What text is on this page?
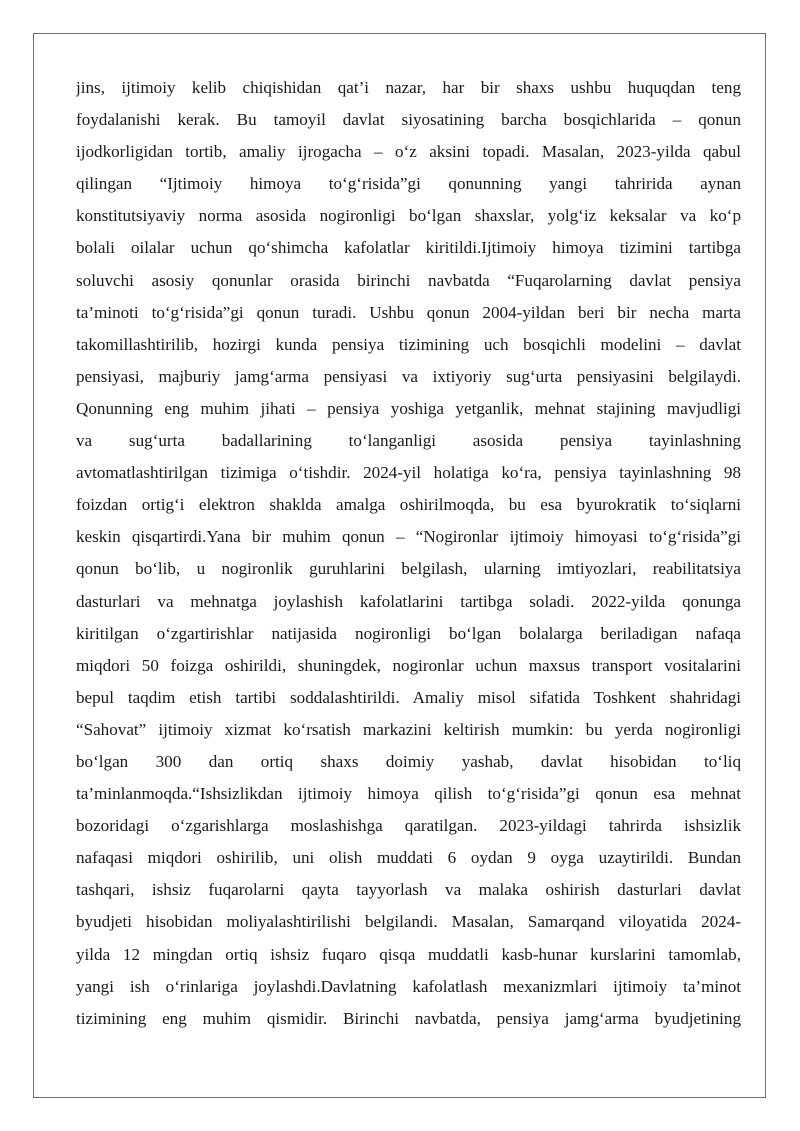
jins, ijtimoiy kelib chiqishidan qat’i nazar, har bir shaxs ushbu huquqdan teng
foydalanishi kerak. Bu tamoyil davlat siyosatining barcha bosqichlarida – qonun
ijodkorligidan tortib, amaliy ijrogacha – o‘z aksini topadi. Masalan, 2023-yilda qabul
qilingan “Ijtimoiy himoya to‘g‘risida”gi qonunning yangi tahririda aynan
konstitutsiyaviy norma asosida nogironligi bo‘lgan shaxslar, yolg‘iz keksalar va ko‘p
bolali oilalar uchun qo‘shimcha kafolatlar kiritildi.Ijtimoiy himoya tizimini tartibga
soluvchi asosiy qonunlar orasida birinchi navbatda “Fuqarolarning davlat pensiya
ta’minoti to‘g‘risida”gi qonun turadi. Ushbu qonun 2004-yildan beri bir necha marta
takomillashtirilib, hozirgi kunda pensiya tizimining uch bosqichli modelini – davlat
pensiyasi, majburiy jamg‘arma pensiyasi va ixtiyoriy sug‘urta pensiyasini belgilaydi.
Qonunning eng muhim jihati – pensiya yoshiga yetganlik, mehnat stajining mavjudligi
va sug‘urta badallarining to‘langanligi asosida pensiya tayinlashning
avtomatlashtirilgan tizimiga o‘tishdir. 2024-yil holatiga ko‘ra, pensiya tayinlashning 98
foizdan ortig‘i elektron shaklda amalga oshirilmoqda, bu esa byurokratik to‘siqlarni
keskin qisqartirdi.Yana bir muhim qonun – “Nogironlar ijtimoiy himoyasi to‘g‘risida”gi
qonun bo‘lib, u nogironlik guruhlarini belgilash, ularning imtiyozlari, reabilitatsiya
dasturlari va mehnatga joylashish kafolatlarini tartibga soladi. 2022-yilda qonunga
kiritilgan o‘zgartirishlar natijasida nogironligi bo‘lgan bolalarga beriladigan nafaqa
miqdori 50 foizga oshirildi, shuningdek, nogironlar uchun maxsus transport vositalarini
bepul taqdim etish tartibi soddalashtirildi. Amaliy misol sifatida Toshkent shahridagi
“Sahovat” ijtimoiy xizmat ko‘rsatish markazini keltirish mumkin: bu yerda nogironligi
bo‘lgan 300 dan ortiq shaxs doimiy yashab, davlat hisobidan to‘liq
ta’minlanmoqda.“Ishsizlikdan ijtimoiy himoya qilish to‘g‘risida”gi qonun esa mehnat
bozoridagi o‘zgarishlarga moslashishga qaratilgan. 2023-yildagi tahrirda ishsizlik
nafaqasi miqdori oshirilib, uni olish muddati 6 oydan 9 oyga uzaytirildi. Bundan
tashqari, ishsiz fuqarolarni qayta tayyorlash va malaka oshirish dasturlari davlat
byudjeti hisobidan moliyalashtirilishi belgilandi. Masalan, Samarqand viloyatida 2024-
yilda 12 mingdan ortiq ishsiz fuqaro qisqa muddatli kasb-hunar kurslarini tamomlab,
yangi ish o‘rinlariga joylashdi.Davlatning kafolatlash mexanizmlari ijtimoiy ta’minot
tizimining eng muhim qismidir. Birinchi navbatda, pensiya jamg‘arma byudjetining
